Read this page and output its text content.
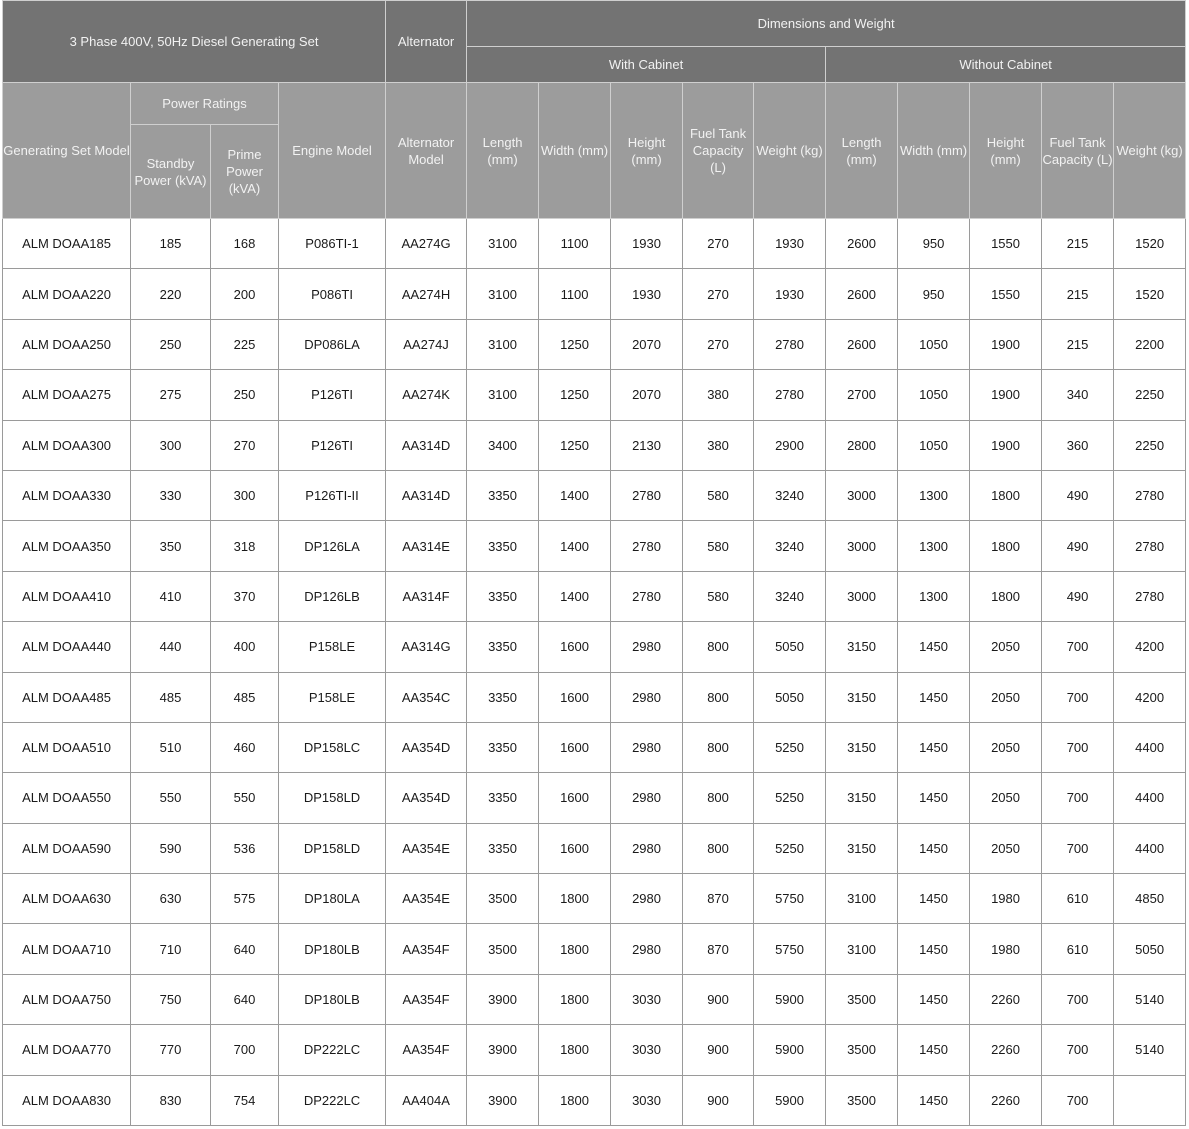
3 Phase 400V, 50Hz Diesel Generating Set				Alternator	Dimensions and Weight									
					With Cabinet					Without Cabinet				
Generating Set Model	Power Ratings		Engine Model	Alternator Model	Length (mm)	Width (mm)	Height (mm)	Fuel Tank Capacity (L)	Weight (kg)	Length (mm)	Width (mm)	Height (mm)	Fuel Tank Capacity (L)	Weight (kg)
	Standby Power (kVA)	Prime Power (kVA)												
ALM DOAA185	185	168	P086TI-1	AA274G	3100	1100	1930	270	1930	2600	950	1550	215	1520
ALM DOAA220	220	200	P086TI	AA274H	3100	1100	1930	270	1930	2600	950	1550	215	1520
ALM DOAA250	250	225	DP086LA	AA274J	3100	1250	2070	270	2780	2600	1050	1900	215	2200
ALM DOAA275	275	250	P126TI	AA274K	3100	1250	2070	380	2780	2700	1050	1900	340	2250
ALM DOAA300	300	270	P126TI	AA314D	3400	1250	2130	380	2900	2800	1050	1900	360	2250
ALM DOAA330	330	300	P126TI-II	AA314D	3350	1400	2780	580	3240	3000	1300	1800	490	2780
ALM DOAA350	350	318	DP126LA	AA314E	3350	1400	2780	580	3240	3000	1300	1800	490	2780
ALM DOAA410	410	370	DP126LB	AA314F	3350	1400	2780	580	3240	3000	1300	1800	490	2780
ALM DOAA440	440	400	P158LE	AA314G	3350	1600	2980	800	5050	3150	1450	2050	700	4200
ALM DOAA485	485	485	P158LE	AA354C	3350	1600	2980	800	5050	3150	1450	2050	700	4200
ALM DOAA510	510	460	DP158LC	AA354D	3350	1600	2980	800	5250	3150	1450	2050	700	4400
ALM DOAA550	550	550	DP158LD	AA354D	3350	1600	2980	800	5250	3150	1450	2050	700	4400
ALM DOAA590	590	536	DP158LD	AA354E	3350	1600	2980	800	5250	3150	1450	2050	700	4400
ALM DOAA630	630	575	DP180LA	AA354E	3500	1800	2980	870	5750	3100	1450	1980	610	4850
ALM DOAA710	710	640	DP180LB	AA354F	3500	1800	2980	870	5750	3100	1450	1980	610	5050
ALM DOAA750	750	640	DP180LB	AA354F	3900	1800	3030	900	5900	3500	1450	2260	700	5140
ALM DOAA770	770	700	DP222LC	AA354F	3900	1800	3030	900	5900	3500	1450	2260	700	5140
ALM DOAA830	830	754	DP222LC	AA404A	3900	1800	3030	900	5900	3500	1450	2260	700	
